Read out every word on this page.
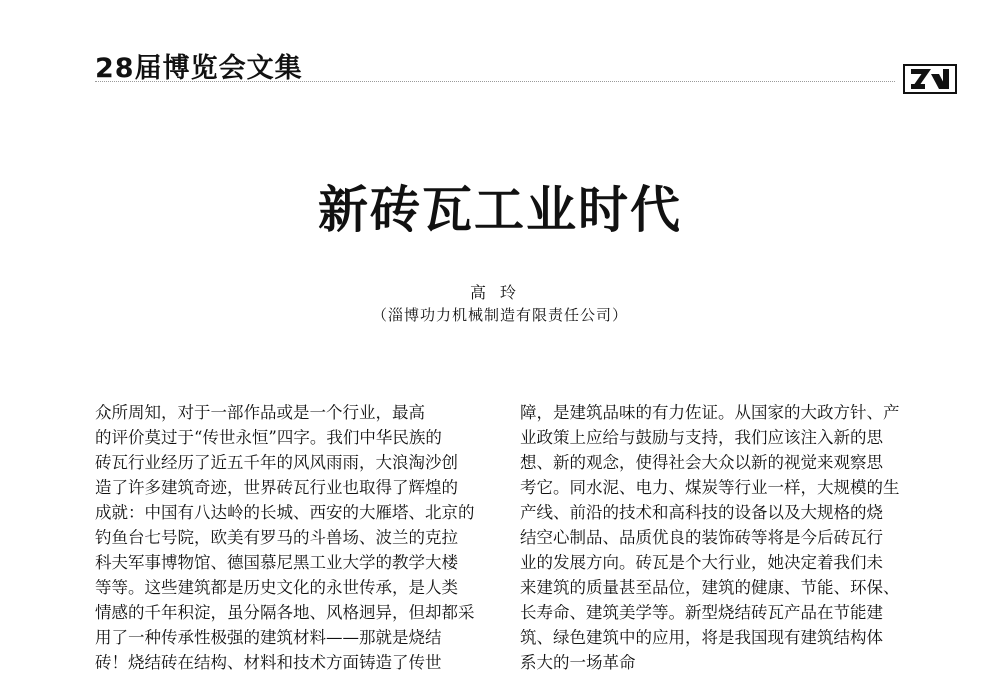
28届博览会文集
新砖瓦工业时代
高玲
（淄博功力机械制造有限责任公司）
众所周知，对于一部作品或是一个行业，最高
的评价莫过于“传世永恒”四字。我们中华民族的
砖瓦行业经历了近五千年的风风雨雨，大浪淘沙创
造了许多建筑奇迹，世界砖瓦行业也取得了辉煌的
成就：中国有八达岭的长城、西安的大雁塔、北京的
钓鱼台七号院，欧美有罗马的斗兽场、波兰的克拉
科夫军事博物馆、德国慕尼黑工业大学的教学大楼
等等。这些建筑都是历史文化的永世传承，是人类
情感的千年积淀，虽分隔各地、风格迥异，但却都采
用了一种传承性极强的建筑材料——那就是烧结
砖！烧结砖在结构、材料和技术方面铸造了传世
障，是建筑品味的有力佐证。从国家的大政方针、产
业政策上应给与鼓励与支持，我们应该注入新的思
想、新的观念，使得社会大众以新的视觉来观察思
考它。同水泥、电力、煤炭等行业一样，大规模的生
产线、前沿的技术和高科技的设备以及大规格的烧
结空心制品、品质优良的装饰砖等将是今后砖瓦行
业的发展方向。砖瓦是个大行业，她决定着我们未
来建筑的质量甚至品位，建筑的健康、节能、环保、
长寿命、建筑美学等。新型烧结砖瓦产品在节能建
筑、绿色建筑中的应用，将是我国现有建筑结构体
系大的一场革命
